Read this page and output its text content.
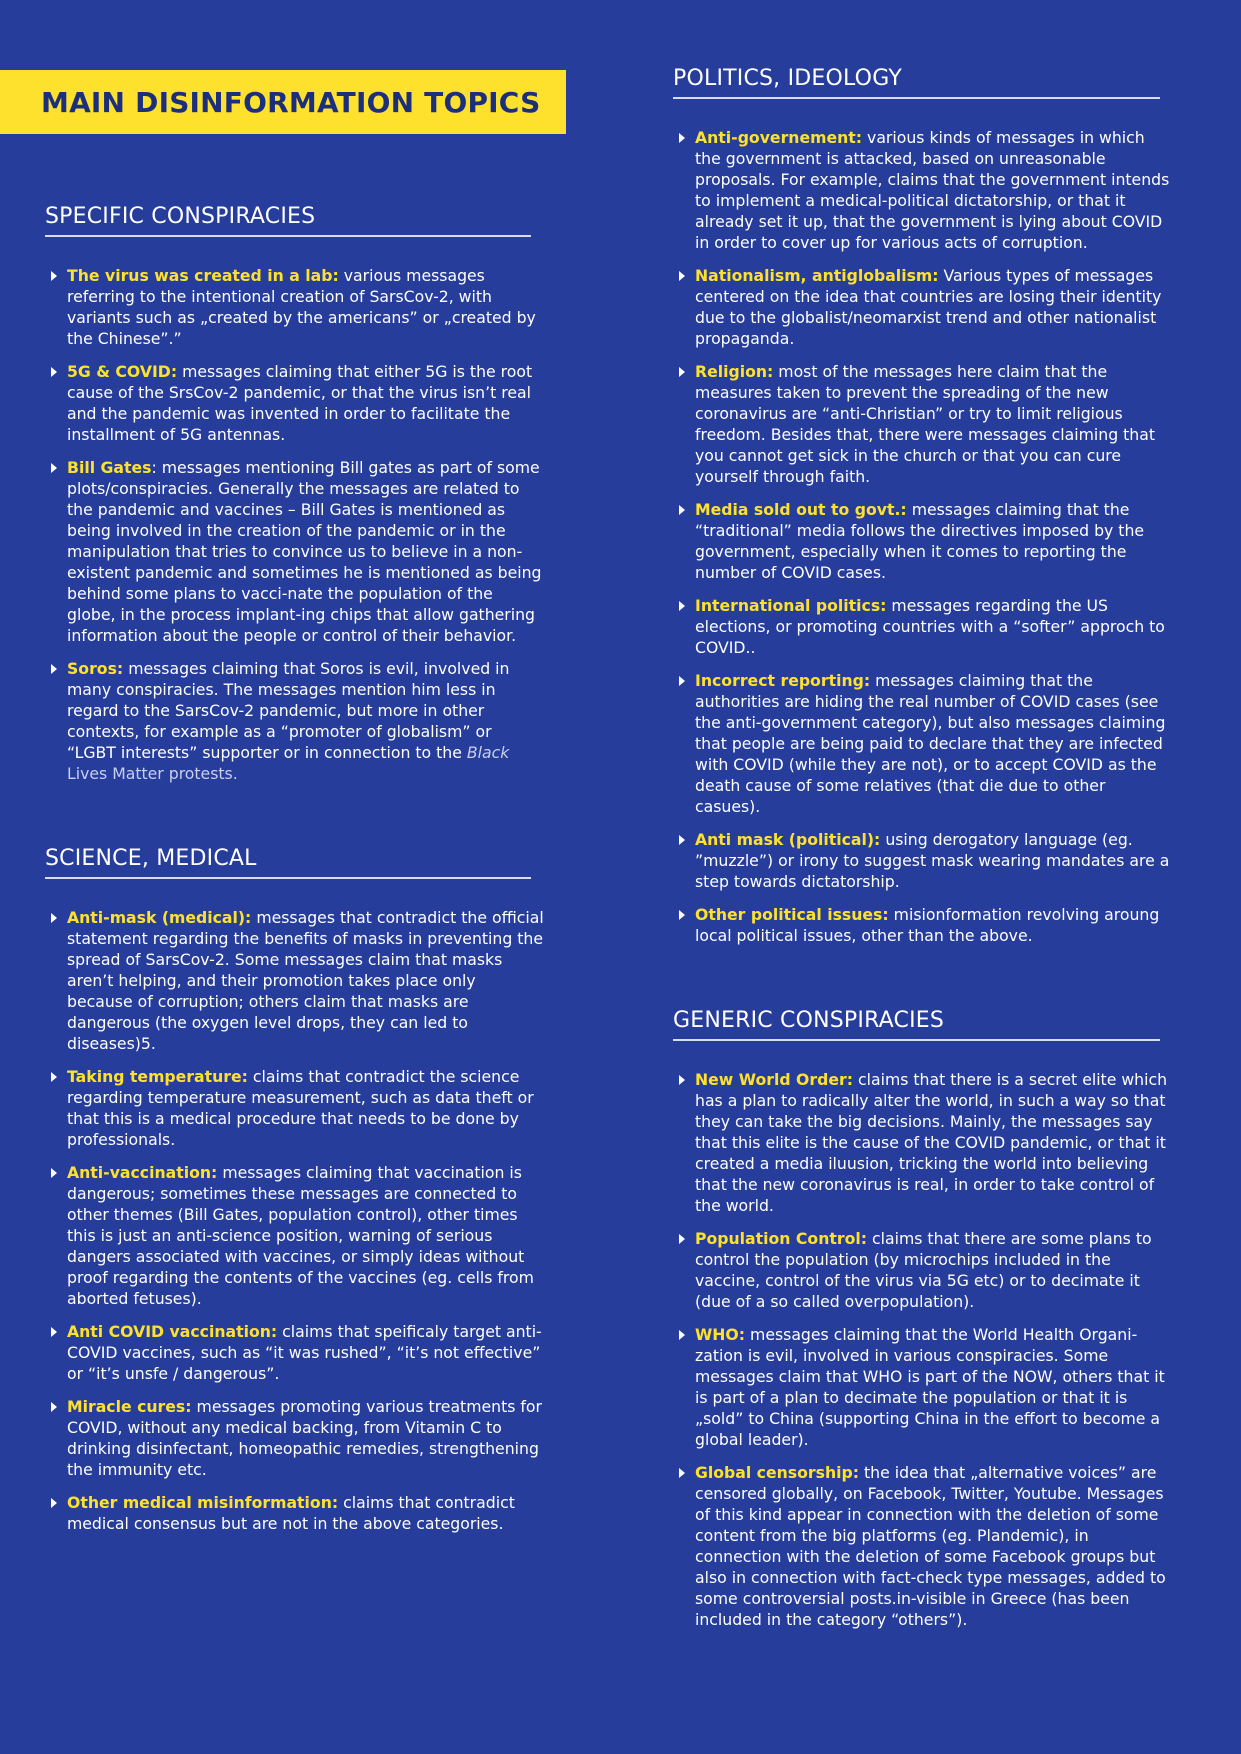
MAIN DISINFORMATION TOPICS
SPECIFIC CONSPIRACIES
The virus was created in a lab: various messages referring to the intentional creation of SarsCov-2, with variants such as „created by the americans” or „created by the Chinese”.”
5G & COVID: messages claiming that either 5G is the root cause of the SrsCov-2 pandemic, or that the virus isn’t real and the pandemic was invented in order to facilitate the installment of 5G antennas.
Bill Gates: messages mentioning Bill gates as part of some plots/conspiracies. Generally the messages are related to the pandemic and vaccines – Bill Gates is mentioned as being involved in the creation of the pandemic or in the manipulation that tries to convince us to believe in a non-existent pandemic and sometimes he is mentioned as being behind some plans to vacci-nate the population of the globe, in the process implant-ing chips that allow gathering information about the people or control of their behavior.
Soros: messages claiming that Soros is evil, involved in many conspiracies. The messages mention him less in regard to the SarsCov-2 pandemic, but more in other contexts, for example as a “promoter of globalism” or “LGBT interests” supporter or in connection to the Black Lives Matter protests.
SCIENCE, MEDICAL
Anti-mask (medical): messages that contradict the official statement regarding the benefits of masks in preventing the spread of SarsCov-2. Some messages claim that masks aren’t helping, and their promotion takes place only because of corruption; others claim that masks are dangerous (the oxygen level drops, they can led to diseases)5.
Taking temperature: claims that contradict the science regarding temperature measurement, such as data theft or that this is a medical procedure that needs to be done by professionals.
Anti-vaccination: messages claiming that vaccination is dangerous; sometimes these messages are connected to other themes (Bill Gates, population control), other times this is just an anti-science position, warning of serious dangers associated with vaccines, or simply ideas without proof regarding the contents of the vaccines (eg. cells from aborted fetuses).
Anti COVID vaccination: claims that speificaly target anti-COVID vaccines, such as “it was rushed”, “it’s not effective” or “it’s unsfe / dangerous”.
Miracle cures: messages promoting various treatments for COVID, without any medical backing, from Vitamin C to drinking disinfectant, homeopathic remedies, strengthening the immunity etc.
Other medical misinformation: claims that contradict medical consensus but are not in the above categories.
POLITICS, IDEOLOGY
Anti-governement: various kinds of messages in which the government is attacked, based on unreasonable proposals. For example, claims that the government intends to implement a medical-political dictatorship, or that it already set it up, that the government is lying about COVID in order to cover up for various acts of corruption.
Nationalism, antiglobalism: Various types of messages centered on the idea that countries are losing their identity due to the globalist/neomarxist trend and other nationalist propaganda.
Religion: most of the messages here claim that the measures taken to prevent the spreading of the new coronavirus are “anti-Christian” or try to limit religious freedom. Besides that, there were messages claiming that you cannot get sick in the church or that you can cure yourself through faith.
Media sold out to govt.: messages claiming that the “traditional” media follows the directives imposed by the government, especially when it comes to reporting the number of COVID cases.
International politics: messages regarding the US elections, or promoting countries with a “softer” approch to COVID..
Incorrect reporting: messages claiming that the authorities are hiding the real number of COVID cases (see the anti-government category), but also messages claiming that people are being paid to declare that they are infected with COVID (while they are not), or to accept COVID as the death cause of some relatives (that die due to other casues).
Anti mask (political): using derogatory language (eg. ”muzzle”) or irony to suggest mask wearing mandates are a step towards dictatorship.
Other political issues: misionformation revolving aroung local political issues, other than the above.
GENERIC CONSPIRACIES
New World Order: claims that there is a secret elite which has a plan to radically alter the world, in such a way so that they can take the big decisions. Mainly, the messages say that this elite is the cause of the COVID pandemic, or that it created a media iluusion, tricking the world into believing that the new coronavirus is real, in order to take control of the world.
Population Control: claims that there are some plans to control the population (by microchips included in the vaccine, control of the virus via 5G etc) or to decimate it (due of a so called overpopulation).
WHO: messages claiming that the World Health Organi-zation is evil, involved in various conspiracies. Some messages claim that WHO is part of the NOW, others that it is part of a plan to decimate the population or that it is „sold” to China (supporting China in the effort to become a global leader).
Global censorship: the idea that „alternative voices” are censored globally, on Facebook, Twitter, Youtube. Messages of this kind appear in connection with the deletion of some content from the big platforms (eg. Plandemic), in connection with the deletion of some Facebook groups but also in connection with fact-check type messages, added to some controversial posts.in-visible in Greece (has been included in the category “others”).
